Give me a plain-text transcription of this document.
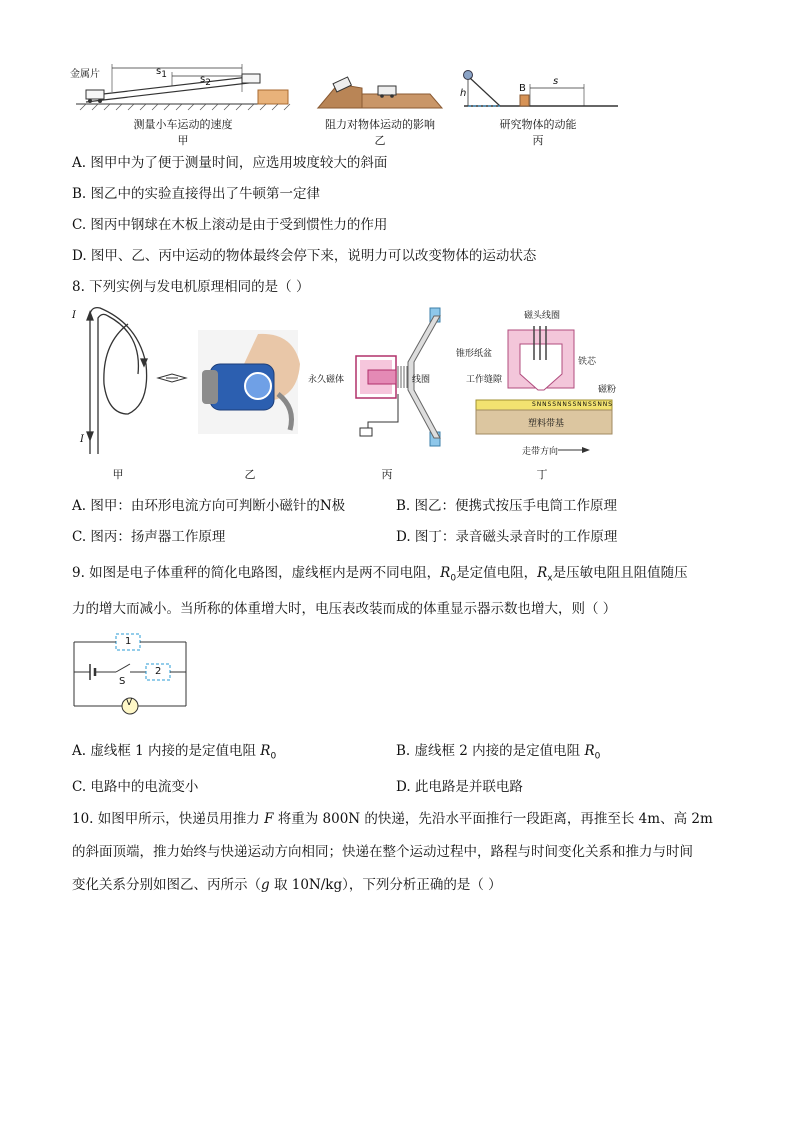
金属片	$s_1$	$s_2$
h	B
s
测量小车运动的速度
甲
阻力对物体运动的影响
乙
研究物体的动能
丙
A. 图甲中为了便于测量时间，应选用坡度较大的斜面
B. 图乙中的实验直接得出了牛顿第一定律
C. 图丙中钢球在木板上滚动是由于受到惯性力的作用
D. 图甲、乙、丙中运动的物体最终会停下来，说明力可以改变物体的运动状态
8. 下列实例与发电机原理相同的是（ ）
I
I
锥形纸盆
永久磁体	线圈
磁头线圈
铁芯
工作缝隙
磁粉
S N N S S N N S S N N S S N N S
塑料带基
走带方向
甲	乙	丙	丁
A. 图甲：由环形电流方向可判断小磁针的N极	B. 图乙：便携式按压手电筒工作原理
C. 图丙：扬声器工作原理	D. 图丁：录音磁头录音时的工作原理
9. 如图是电子体重秤的简化电路图，虚线框内是两不同电阻，$R_0$是定值电阻，$R_x$是压敏电阻且阻值随压
力的增大而减小。当所称的体重增大时，电压表改装而成的体重显示器示数也增大，则（ ）
1
2
S
V
A. 虚线框 1 内接的是定值电阻 $R_0$	B. 虚线框 2 内接的是定值电阻 $R_0$
C. 电路中的电流变小	D. 此电路是并联电路
10. 如图甲所示，快递员用推力 F 将重为 800N 的快递，先沿水平面推行一段距离，再推至长 4m、高 2m
的斜面顶端，推力始终与快递运动方向相同；快递在整个运动过程中，路程与时间变化关系和推力与时间
变化关系分别如图乙、丙所示（g 取 10N/kg），下列分析正确的是（ ）
